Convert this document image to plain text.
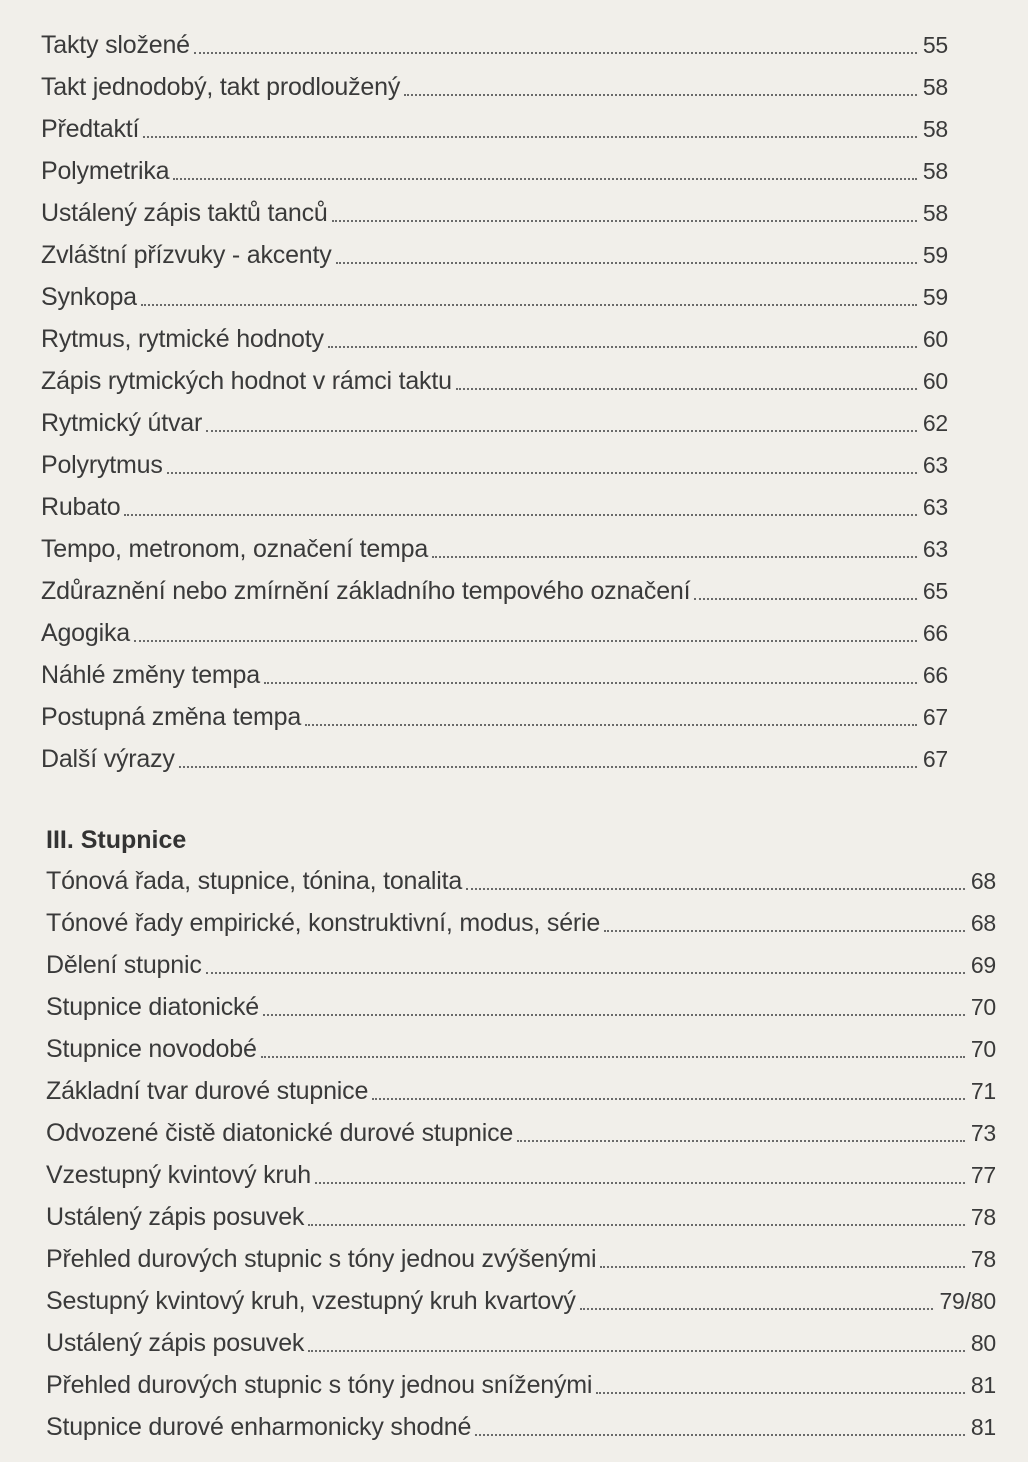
Takty složené	55
Takt jednodobý, takt prodloužený	58
Předtaktí	58
Polymetrika	58
Ustálený zápis taktů tanců	58
Zvláštní přízvuky - akcenty	59
Synkopa	59
Rytmus, rytmické hodnoty	60
Zápis rytmických hodnot v rámci taktu	60
Rytmický útvar	62
Polyrytmus	63
Rubato	63
Tempo, metronom, označení tempa	63
Zdůraznění nebo zmírnění základního tempového označení	65
Agogika	66
Náhlé změny tempa	66
Postupná změna tempa	67
Další výrazy	67
III. Stupnice
Tónová řada, stupnice, tónina, tonalita	68
Tónové řady empirické, konstruktivní, modus, série	68
Dělení stupnic	69
Stupnice diatonické	70
Stupnice novodobé	70
Základní tvar durové stupnice	71
Odvozené čistě diatonické durové stupnice	73
Vzestupný kvintový kruh	77
Ustálený zápis posuvek	78
Přehled durových stupnic s tóny jednou zvýšenými	78
Sestupný kvintový kruh, vzestupný kruh kvartový	79/80
Ustálený zápis posuvek	80
Přehled durových stupnic s tóny jednou sníženými	81
Stupnice durové enharmonicky shodné	81
